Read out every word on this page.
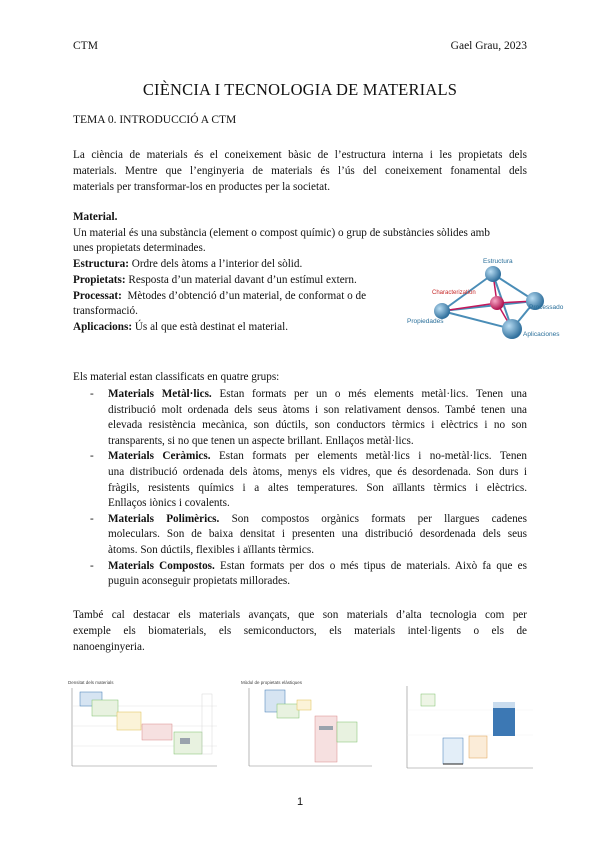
CTM	Gael Grau, 2023
CIÈNCIA I TECNOLOGIA DE MATERIALS
TEMA 0. INTRODUCCIÓ A CTM
La ciència de materials és el coneixement bàsic de l’estructura interna i les propietats dels
materials. Mentre que l’enginyeria de materials és l’ús del coneixement fonamental dels
materials per transformar-los en productes per la societat.
Material.
Un material és una substància (element o compost químic) o grup de substàncies sòlides amb
unes propietats determinades.
Estructura: Ordre dels àtoms a l’interior del sòlid.
Propietats: Resposta d’un material davant d’un estímul extern.
Processat:  Mètodes d’obtenció d’un material, de conformat o de
transformació.
Aplicacions: Ús al que està destinat el material.
Estructura
Characterization
Propiedades
Processado
Aplicaciones
Els material estan classificats en quatre grups:
- Materials Metàl·lics. Estan formats per un o més elements metàl·lics. Tenen una
distribució molt ordenada dels seus àtoms i son relativament densos. També tenen una
elevada resistència mecànica, son dúctils, son conductors tèrmics i elèctrics i no son
transparents, si no que tenen un aspecte brillant. Enllaços metàl·lics.
- Materials Ceràmics. Estan formats per elements metàl·lics i no-metàl·lics. Tenen
una distribució ordenada dels àtoms, menys els vidres, que és desordenada. Son durs i
fràgils, resistents químics i a altes temperatures. Son aïllants tèrmics i elèctrics.
Enllaços iònics i covalents.
- Materials Polimèrics. Son compostos orgànics formats per llargues cadenes
moleculars. Son de baixa densitat i presenten una distribució desordenada dels seus
àtoms. Son dúctils, flexibles i aïllants tèrmics.
- Materials Compostos. Estan formats per dos o més tipus de materials. Això fa que es
puguin aconseguir propietats millorades.
També cal destacar els materials avançats, que son materials d’alta tecnologia com per
exemple els biomaterials, els semiconductors, els materials intel·ligents o els de
nanoenginyeria.
Densitat dels materials	Mòdul de propietats elàstiques
1
